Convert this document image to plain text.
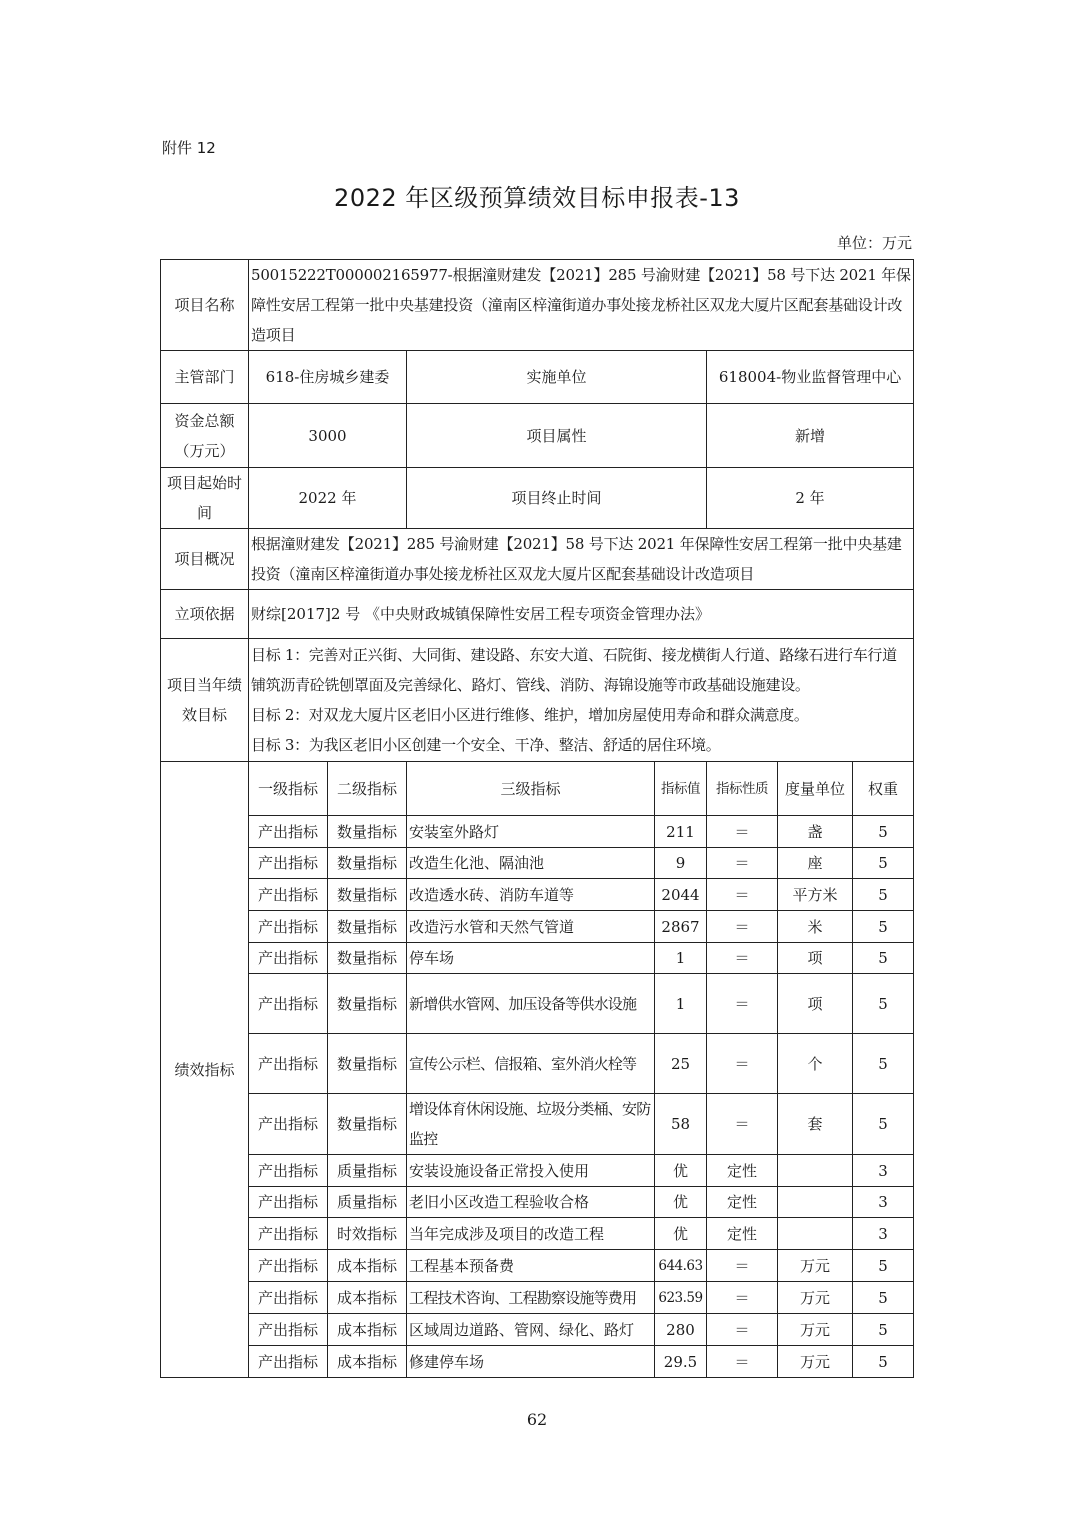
附件 12
2022 年区级预算绩效目标申报表-13
单位：万元
项目名称	50015222T000002165977-根据潼财建发【2021】285 号渝财建【2021】58 号下达 2021 年保障性安居工程第一批中央基建投资（潼南区梓潼街道办事处接龙桥社区双龙大厦片区配套基础设计改造项目						
主管部门	618-住房城乡建委		实施单位		618004-物业监督管理中心		
资金总额（万元）	3000		项目属性		新增		
项目起始时间	2022 年		项目终止时间		2 年		
项目概况	根据潼财建发【2021】285 号渝财建【2021】58 号下达 2021 年保障性安居工程第一批中央基建投资（潼南区梓潼街道办事处接龙桥社区双龙大厦片区配套基础设计改造项目						
立项依据	财综[2017]2 号 《中央财政城镇保障性安居工程专项资金管理办法》						
项目当年绩效目标	目标 1：完善对正兴街、大同街、建设路、东安大道、石院街、接龙横街人行道、路缘石进行车行道铺筑沥青砼铣刨罩面及完善绿化、路灯、管线、消防、海锦设施等市政基础设施建设。
目标 2：对双龙大厦片区老旧小区进行维修、维护，增加房屋使用寿命和群众满意度。
目标 3：为我区老旧小区创建一个安全、干净、整洁、舒适的居住环境。						

绩效指标	一级指标	二级指标	三级指标	指标值	指标性质	度量单位	权重
	产出指标	数量指标	安装室外路灯	211	＝	盏	5
	产出指标	数量指标	改造生化池、隔油池	9	＝	座	5
	产出指标	数量指标	改造透水砖、消防车道等	2044	＝	平方米	5
	产出指标	数量指标	改造污水管和天然气管道	2867	＝	米	5
	产出指标	数量指标	停车场	1	＝	项	5
	产出指标	数量指标	新增供水管网、加压设备等供水设施	1	＝	项	5
	产出指标	数量指标	宣传公示栏、信报箱、室外消火栓等	25	＝	个	5
	产出指标	数量指标	增设体育休闲设施、垃圾分类桶、安防监控	58	＝	套	5
	产出指标	质量指标	安装设施设备正常投入使用	优	定性		3
	产出指标	质量指标	老旧小区改造工程验收合格	优	定性		3
	产出指标	时效指标	当年完成涉及项目的改造工程	优	定性		3
	产出指标	成本指标	工程基本预备费	644.63	＝	万元	5
	产出指标	成本指标	工程技术咨询、工程勘察设施等费用	623.59	＝	万元	5
	产出指标	成本指标	区域周边道路、管网、绿化、路灯	280	＝	万元	5
	产出指标	成本指标	修建停车场	29.5	＝	万元	5
62
